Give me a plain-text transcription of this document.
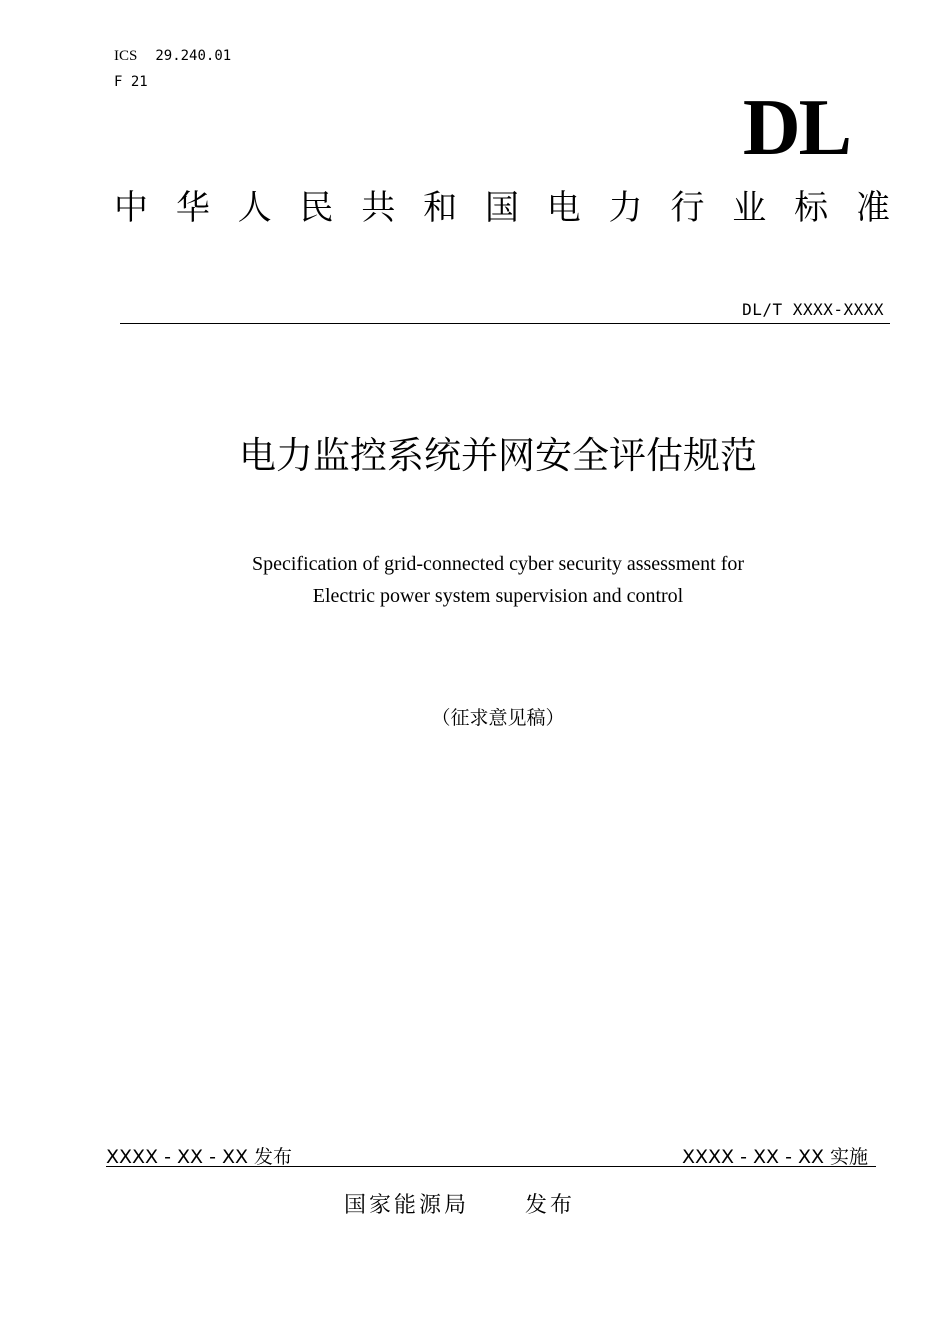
ICS 29.240.01
F 21
DL
中 华 人 民 共 和 国 电 力 行 业 标 准
DL/T XXXX-XXXX
电力监控系统并网安全评估规范
Specification of grid-connected cyber security assessment for
Electric power system supervision and control
（征求意见稿）
XXXX - XX - XX 发布	XXXX - XX - XX 实施
国家能源局	发布
